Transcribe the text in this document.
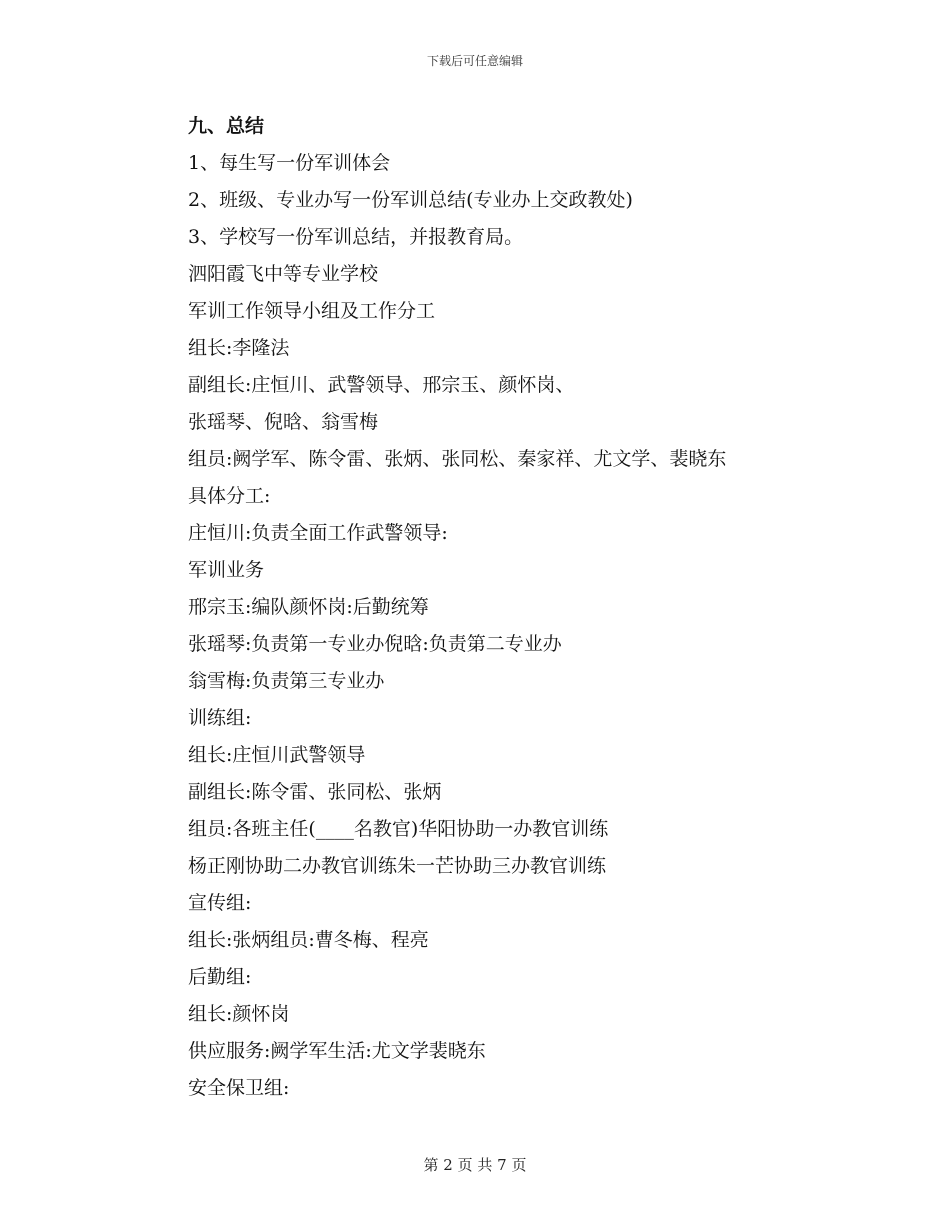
下载后可任意编辑
九、总结
1、每生写一份军训体会
2、班级、专业办写一份军训总结(专业办上交政教处)
3、学校写一份军训总结，并报教育局。
泗阳霞飞中等专业学校
军训工作领导小组及工作分工
组长:李隆法
副组长:庄恒川、武警领导、邢宗玉、颜怀岗、
张瑶琴、倪晗、翁雪梅
组员:阙学军、陈令雷、张炳、张同松、秦家祥、尤文学、裴晓东
具体分工:
庄恒川:负责全面工作武警领导:
军训业务
邢宗玉:编队颜怀岗:后勤统筹
张瑶琴:负责第一专业办倪晗:负责第二专业办
翁雪梅:负责第三专业办
训练组:
组长:庄恒川武警领导
副组长:陈令雷、张同松、张炳
组员:各班主任(____名教官)华阳协助一办教官训练
杨正刚协助二办教官训练朱一芒协助三办教官训练
宣传组:
组长:张炳组员:曹冬梅、程亮
后勤组:
组长:颜怀岗
供应服务:阙学军生活:尤文学裴晓东
安全保卫组:
第 2 页 共 7 页
